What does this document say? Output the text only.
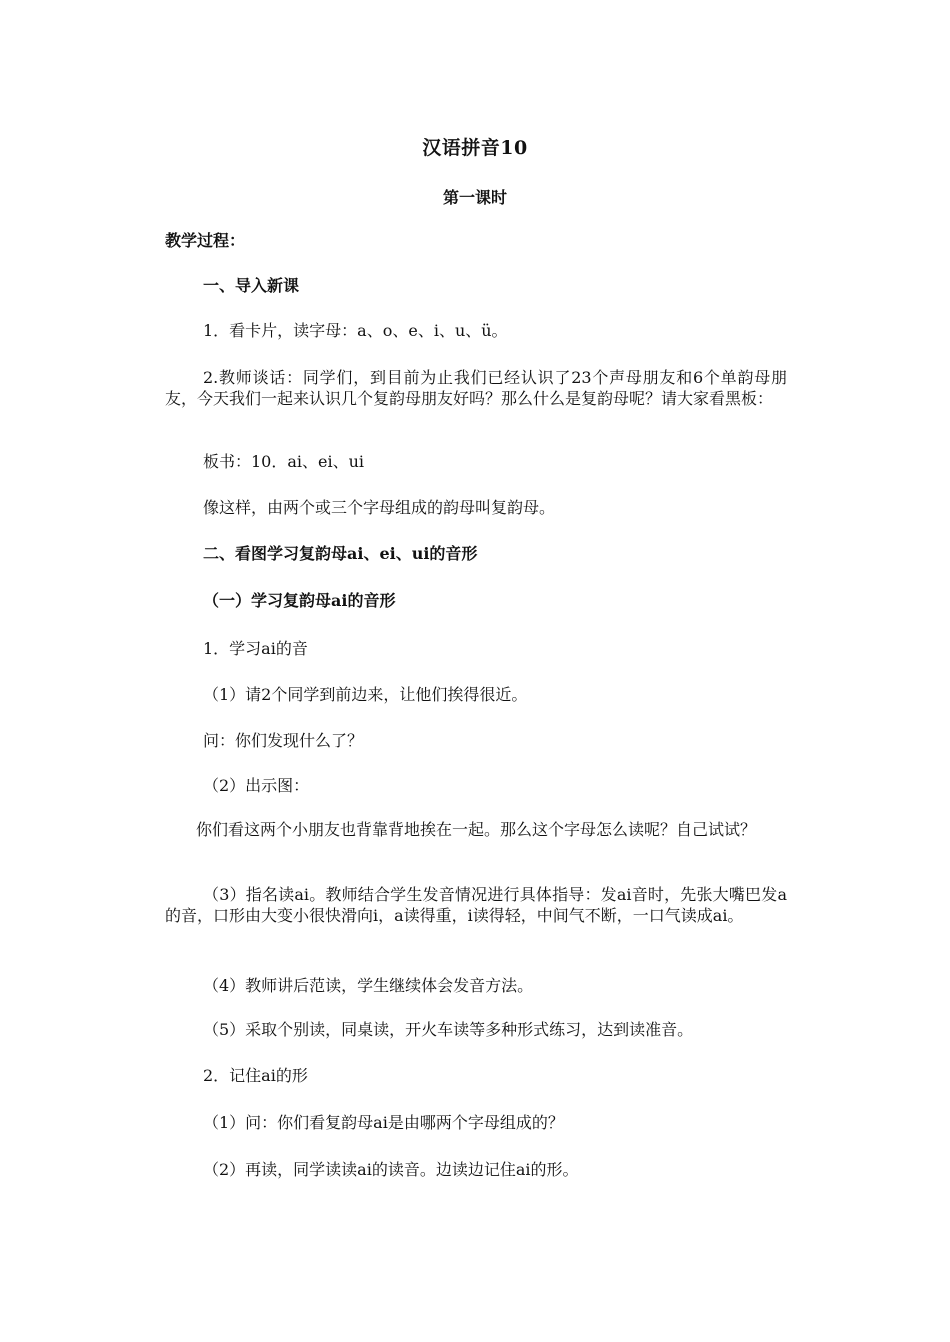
汉语拼音10
第一课时
教学过程：
一、导入新课
1．看卡片，读字母：a、o、e、i、u、ü。
2.教师谈话：同学们，到目前为止我们已经认识了23个声母朋友和6个单韵母朋友，今天我们一起来认识几个复韵母朋友好吗？那么什么是复韵母呢？请大家看黑板：
板书：10．ai、ei、ui
像这样，由两个或三个字母组成的韵母叫复韵母。
二、看图学习复韵母ai、ei、ui的音形
（一）学习复韵母ai的音形
1．学习ai的音
（1）请2个同学到前边来，让他们挨得很近。
问：你们发现什么了？
（2）出示图：
你们看这两个小朋友也背靠背地挨在一起。那么这个字母怎么读呢？自己试试？
（3）指名读ai。教师结合学生发音情况进行具体指导：发ai音时，先张大嘴巴发a的音，口形由大变小很快滑向i，a读得重，i读得轻，中间气不断，一口气读成ai。
（4）教师讲后范读，学生继续体会发音方法。
（5）采取个别读，同桌读，开火车读等多种形式练习，达到读准音。
2．记住ai的形
（1）问：你们看复韵母ai是由哪两个字母组成的？
（2）再读，同学读读ai的读音。边读边记住ai的形。
